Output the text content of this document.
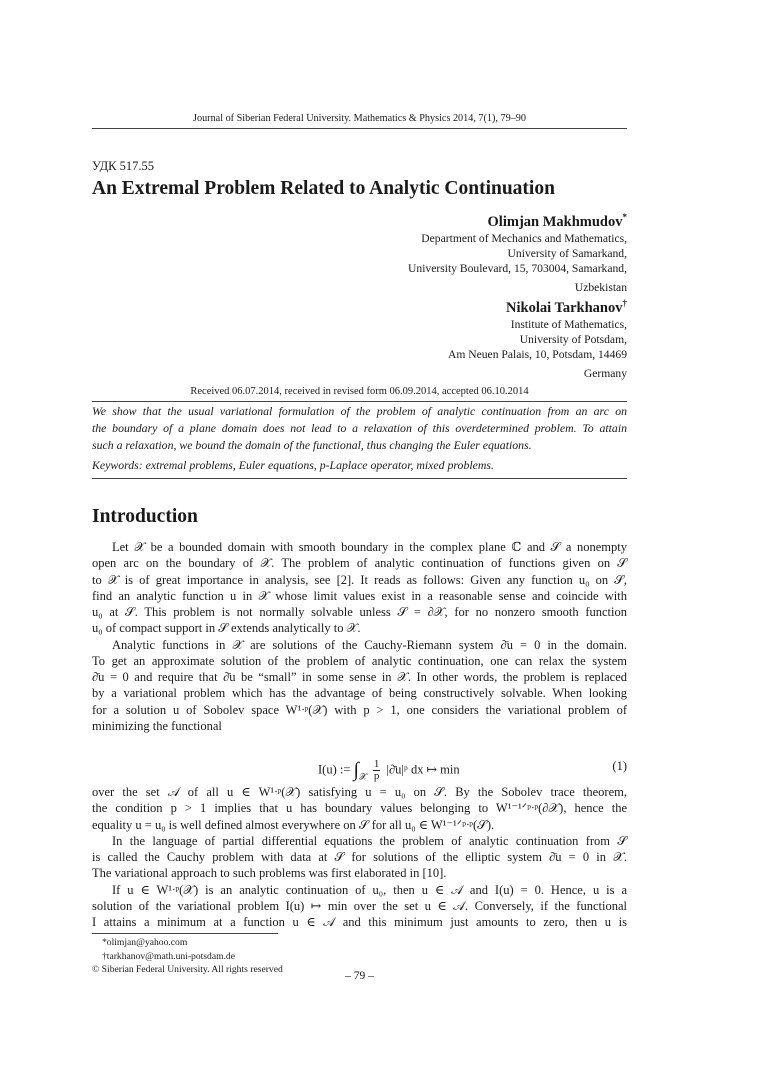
Journal of Siberian Federal University. Mathematics & Physics 2014, 7(1), 79–90
УДК 517.55
An Extremal Problem Related to Analytic Continuation
Olimjan Makhmudov*
Department of Mechanics and Mathematics,
University of Samarkand,
University Boulevard, 15, 703004, Samarkand,
Uzbekistan
Nikolai Tarkhanov†
Institute of Mathematics,
University of Potsdam,
Am Neuen Palais, 10, Potsdam, 14469
Germany
Received 06.07.2014, received in revised form 06.09.2014, accepted 06.10.2014
We show that the usual variational formulation of the problem of analytic continuation from an arc on
the boundary of a plane domain does not lead to a relaxation of this overdetermined problem. To attain
such a relaxation, we bound the domain of the functional, thus changing the Euler equations.
Keywords: extremal problems, Euler equations, p-Laplace operator, mixed problems.
Introduction
Let 𝒳 be a bounded domain with smooth boundary in the complex plane ℂ and 𝒮 a nonempty
open arc on the boundary of 𝒳. The problem of analytic continuation of functions given on 𝒮
to 𝒳 is of great importance in analysis, see [2]. It reads as follows: Given any function u₀ on 𝒮,
find an analytic function u in 𝒳 whose limit values exist in a reasonable sense and coincide with
u₀ at 𝒮. This problem is not normally solvable unless 𝒮 = ∂𝒳, for no nonzero smooth function
u₀ of compact support in 𝒮 extends analytically to 𝒳.
Analytic functions in 𝒳 are solutions of the Cauchy-Riemann system ∂̄u = 0 in the domain.
To get an approximate solution of the problem of analytic continuation, one can relax the system
∂̄u = 0 and require that ∂̄u be “small” in some sense in 𝒳. In other words, the problem is replaced
by a variational problem which has the advantage of being constructively solvable. When looking
for a solution u of Sobolev space W¹ᐧᵖ(𝒳) with p > 1, one considers the variational problem of
minimizing the functional
I(u) := $\int_𝒳 \frac{1}{p}$ |∂̄u|ᵖ dx ↦ min	(1)
over the set 𝒜 of all u ∈ W¹ᐧᵖ(𝒳) satisfying u = u₀ on 𝒮. By the Sobolev trace theorem,
the condition p > 1 implies that u has boundary values belonging to W¹⁻¹ᐟᵖᐧᵖ(∂𝒳), hence the
equality u = u₀ is well defined almost everywhere on 𝒮 for all u₀ ∈ W¹⁻¹ᐟᵖᐧᵖ(𝒮).
In the language of partial differential equations the problem of analytic continuation from 𝒮
is called the Cauchy problem with data at 𝒮 for solutions of the elliptic system ∂̄u = 0 in 𝒳.
The variational approach to such problems was first elaborated in [10].
If u ∈ W¹ᐧᵖ(𝒳) is an analytic continuation of u₀, then u ∈ 𝒜 and I(u) = 0. Hence, u is a
solution of the variational problem I(u) ↦ min over the set u ∈ 𝒜. Conversely, if the functional
I attains a minimum at a function u ∈ 𝒜 and this minimum just amounts to zero, then u is
*olimjan@yahoo.com
†tarkhanov@math.uni-potsdam.de
© Siberian Federal University. All rights reserved
– 79 –
